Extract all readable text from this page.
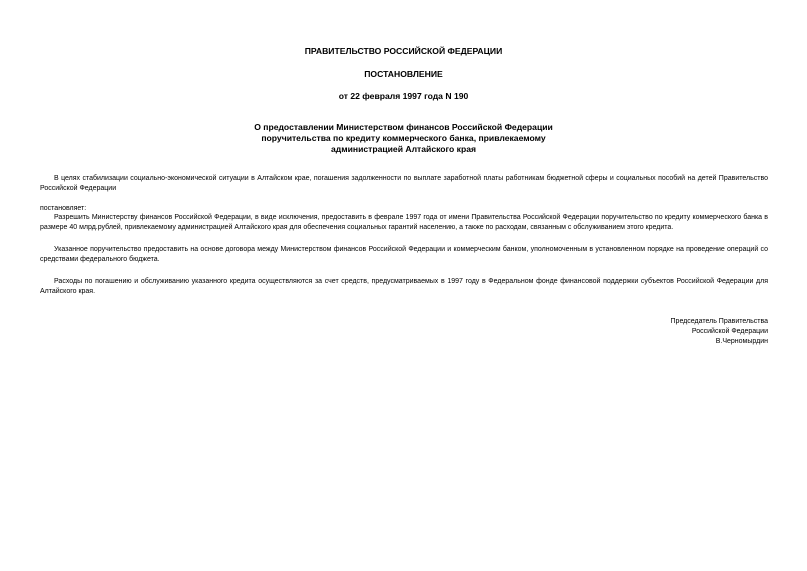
ПРАВИТЕЛЬСТВО РОССИЙСКОЙ ФЕДЕРАЦИИ

ПОСТАНОВЛЕНИЕ

от 22 февраля 1997 года N 190

О предоставлении Министерством финансов Российской Федерации

поручительства по кредиту коммерческого банка, привлекаемому

администрацией Алтайского края

В целях стабилизации социально-экономической ситуации в Алтайском крае, погашения задолженности по выплате заработной платы работникам бюджетной сферы и социальных пособий на детей Правительство Российской Федерации

постановляет:

Разрешить Министерству финансов Российской Федерации, в виде исключения, предоставить в феврале 1997 года от имени Правительства Российской Федерации поручительство по кредиту коммерческого банка в размере 40 млрд.рублей, привлекаемому администрацией Алтайского края для обеспечения социальных гарантий населению, а также по расходам, связанным с обслуживанием этого кредита.

Указанное поручительство предоставить на основе договора между Министерством финансов Российской Федерации и коммерческим банком, уполномоченным в установленном порядке на проведение операций со средствами федерального бюджета.

Расходы по погашению и обслуживанию указанного кредита осуществляются за счет средств, предусматриваемых в 1997 году в Федеральном фонде финансовой поддержки субъектов Российской Федерации для Алтайского края.

Председатель Правительства
Российской Федерации
В.Черномырдин
